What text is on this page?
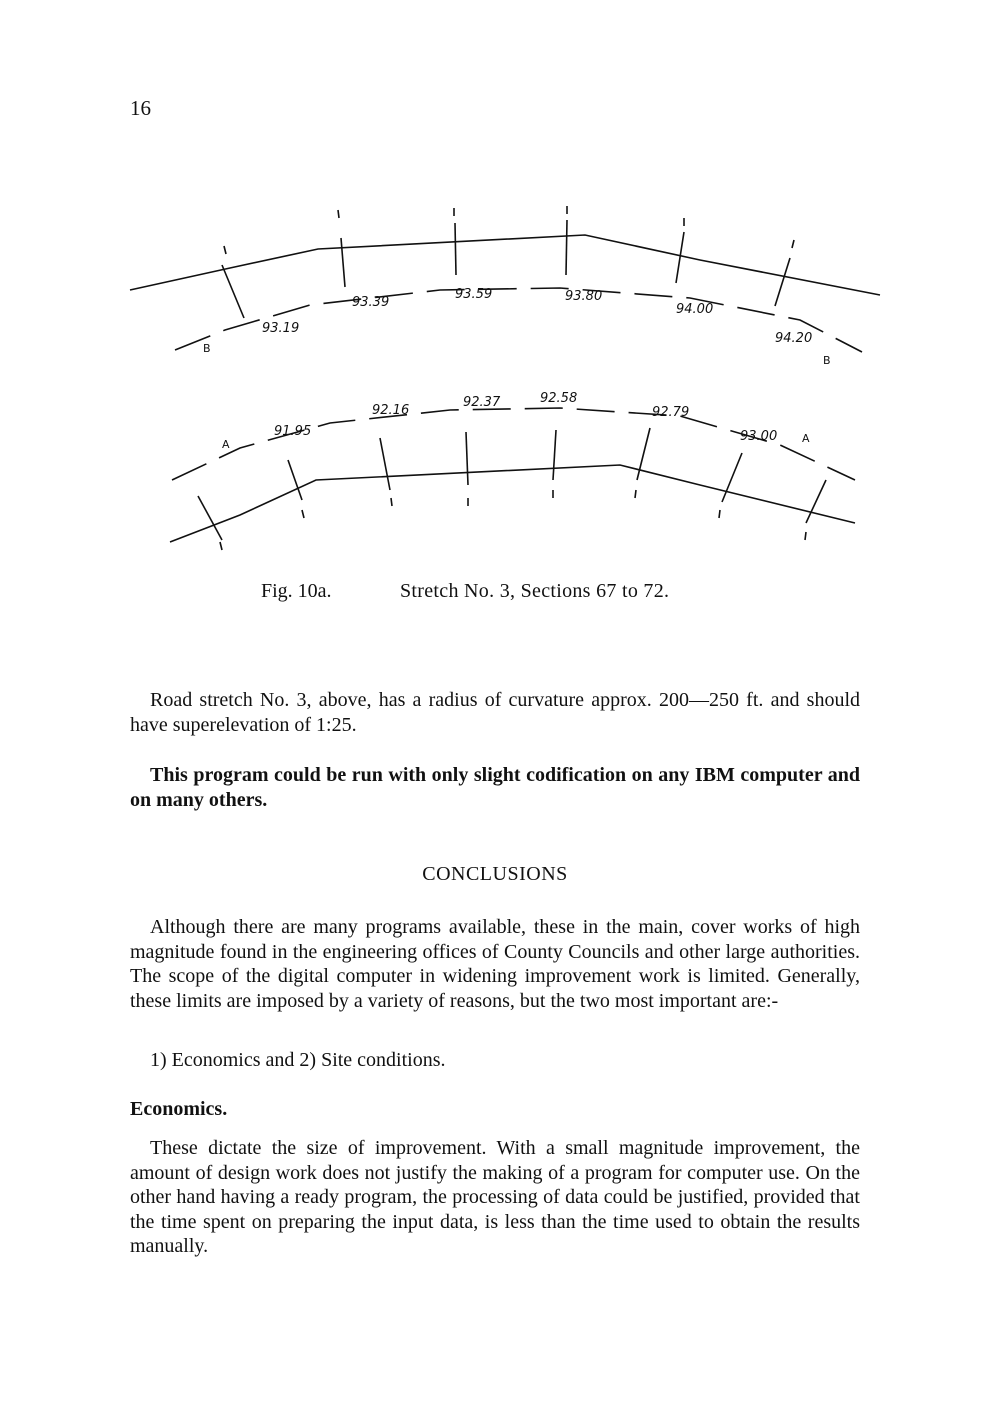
16
93.19
93.39
93.59	93.80
94.00
94.20
B
B
91.95
92.16
92.37	92.58
92.79
93.00
A	A
Fig. 10a.	Stretch No. 3, Sections 67 to 72.

Road stretch No. 3, above, has a radius of curvature approx. 200—250 ft. and should have superelevation of 1:25.

This program could be run with only slight codification on any IBM computer and on many others.

CONCLUSIONS

Although there are many programs available, these in the main, cover works of high magnitude found in the engineering offices of County Councils and other large authorities. The scope of the digital computer in widening improvement work is limited. Generally, these limits are imposed by a variety of reasons, but the two most important are:-

1) Economics and 2) Site conditions.

Economics.

These dictate the size of improvement. With a small magnitude improvement, the amount of design work does not justify the making of a program for computer use. On the other hand having a ready program, the processing of data could be justified, provided that the time spent on preparing the input data, is less than the time used to obtain the results manually.
